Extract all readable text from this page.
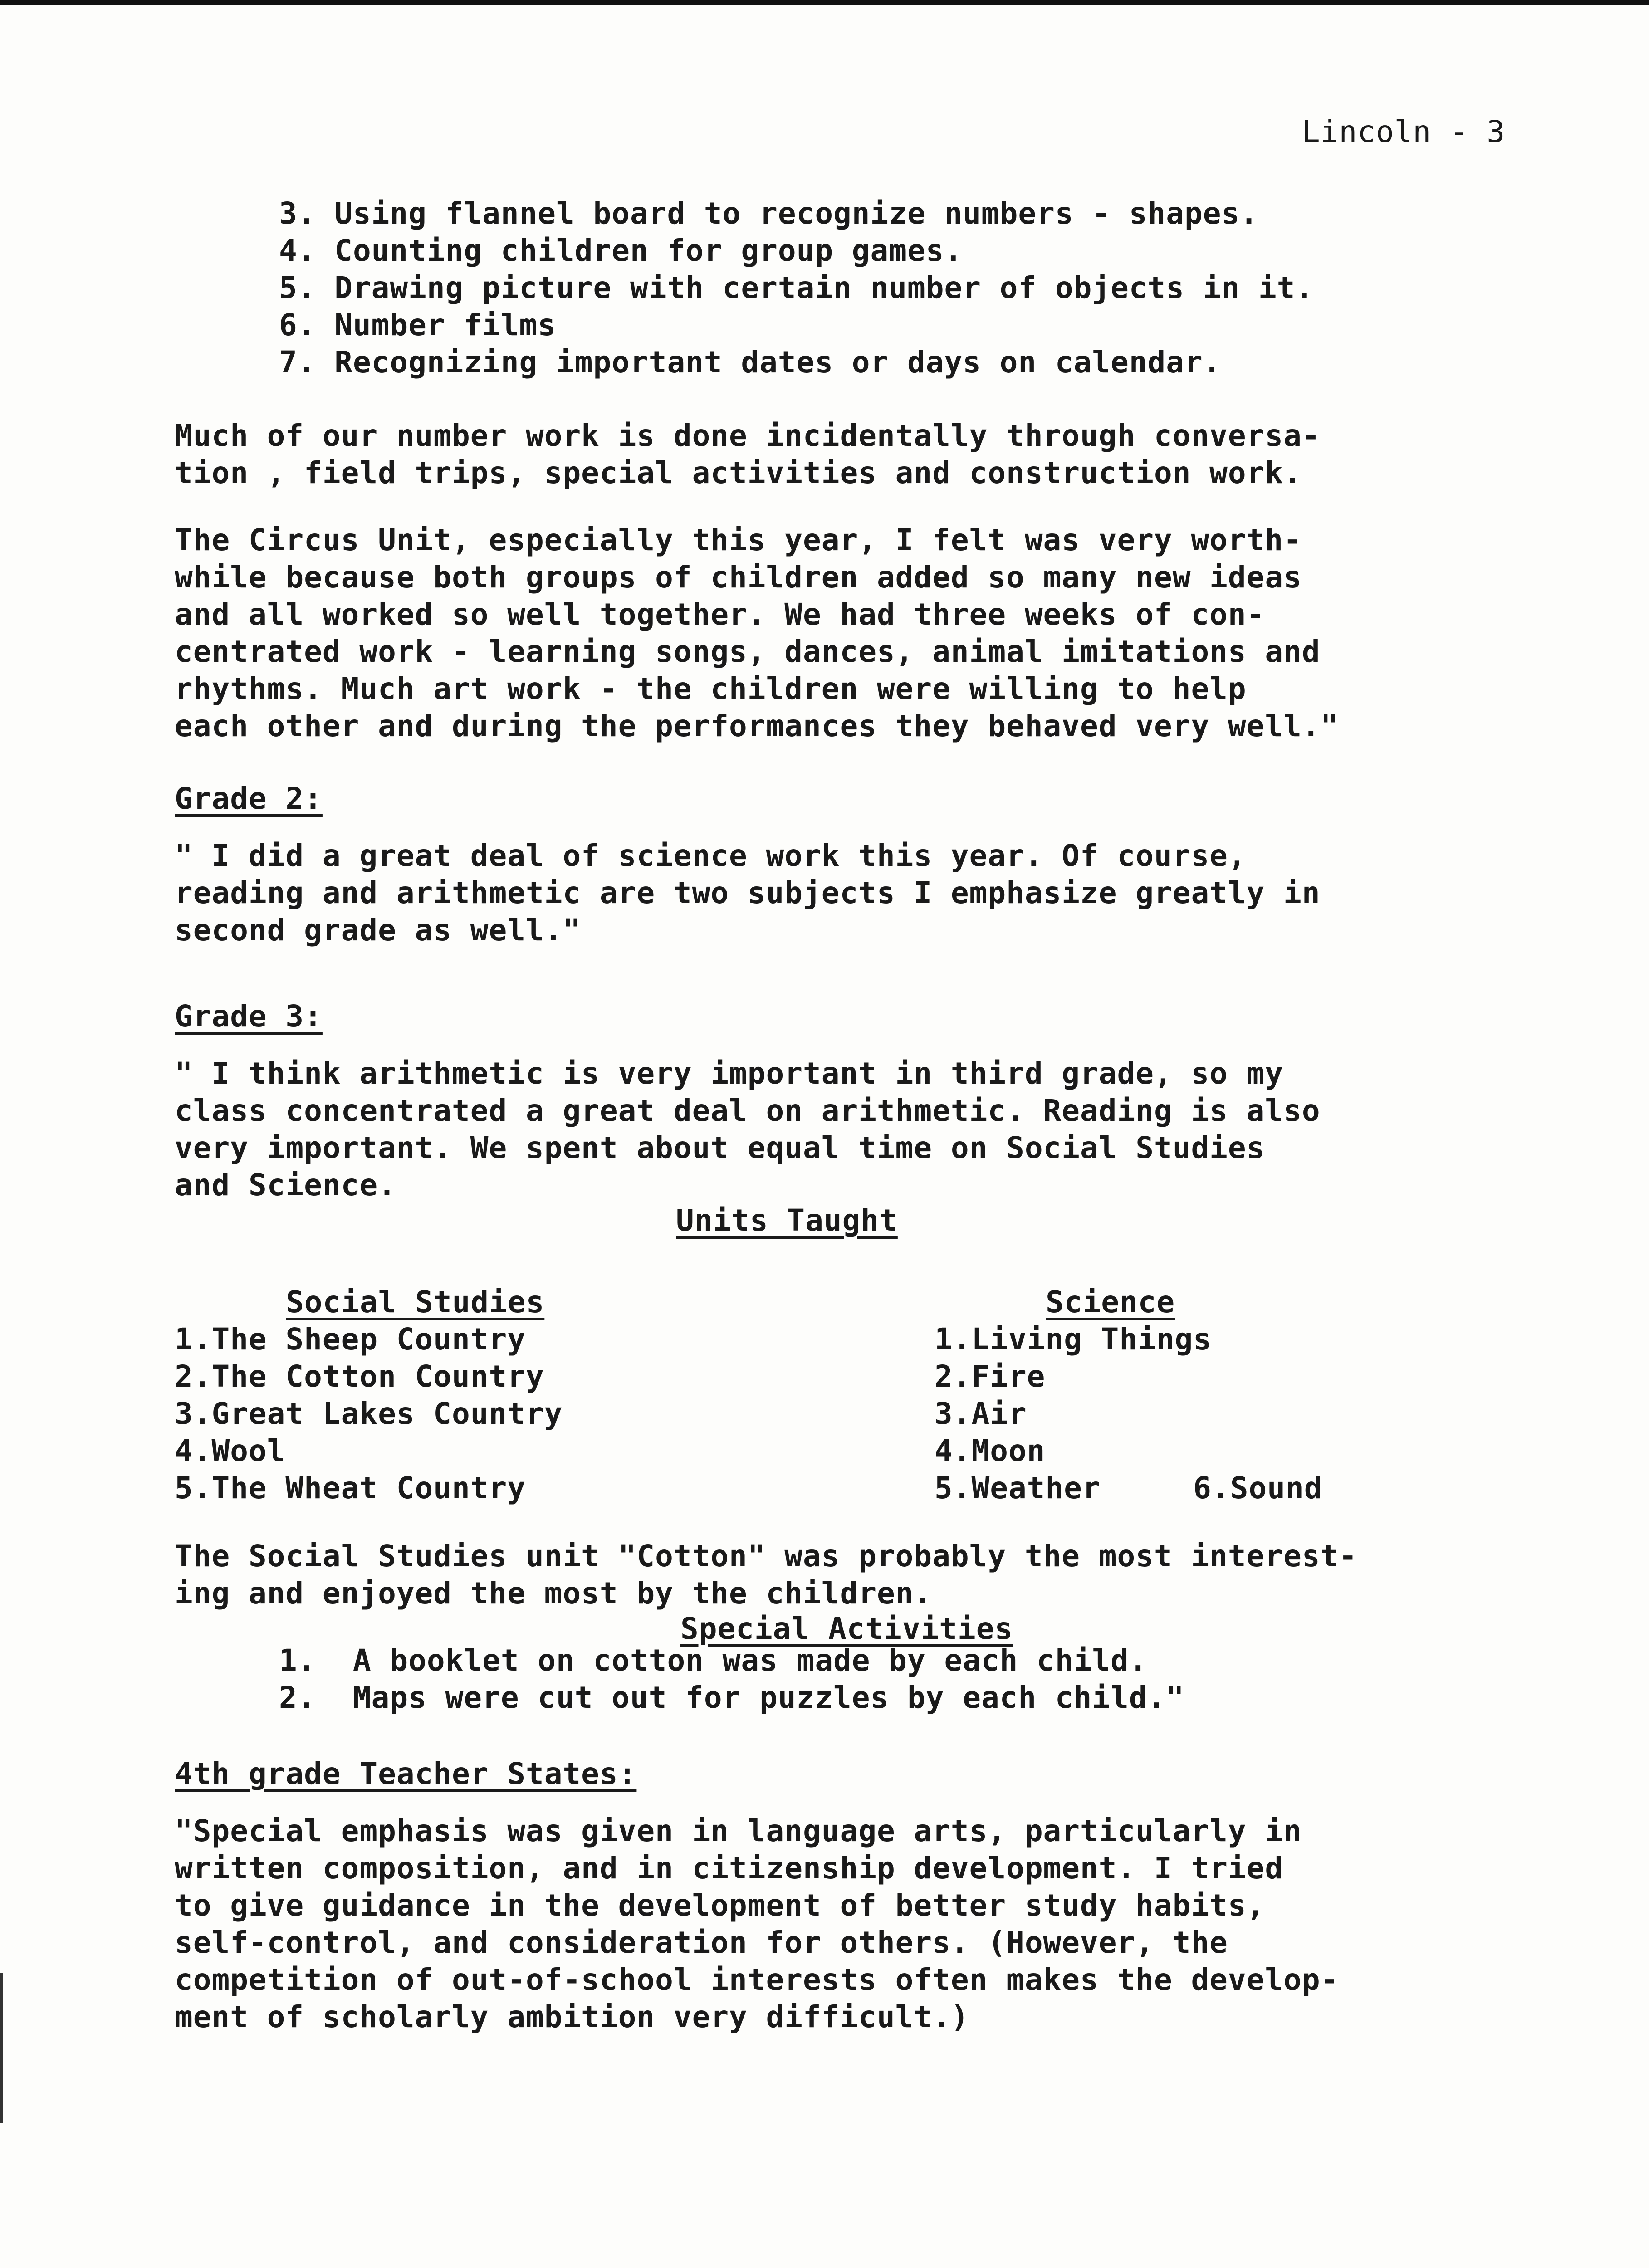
Lincoln - 3
3. Using flannel board to recognize numbers - shapes.
4. Counting children for group games.
5. Drawing picture with certain number of objects in it.
6. Number films
7. Recognizing important dates or days on calendar.
Much of our number work is done incidentally through conversa-
tion , field trips, special activities and construction work.
The Circus Unit, especially this year, I felt was very worth-
while because both groups of children added so many new ideas
and all worked so well together. We had three weeks of con-
centrated work - learning songs, dances, animal imitations and
rhythms. Much art work - the children were willing to help
each other and during the performances they behaved very well."
Grade 2:
" I did a great deal of science work this year. Of course,
reading and arithmetic are two subjects I emphasize greatly in
second grade as well."
Grade 3:
" I think arithmetic is very important in third grade, so my
class concentrated a great deal on arithmetic. Reading is also
very important. We spent about equal time on Social Studies
and Science.
Units Taught
Social Studies
1.The Sheep Country
2.The Cotton Country
3.Great Lakes Country
4.Wool
5.The Wheat Country
Science
1.Living Things
2.Fire
3.Air
4.Moon
5.Weather     6.Sound
The Social Studies unit "Cotton" was probably the most interest-
ing and enjoyed the most by the children.
Special Activities
1.  A booklet on cotton was made by each child.
2.  Maps were cut out for puzzles by each child."
4th grade Teacher States:
"Special emphasis was given in language arts, particularly in
written composition, and in citizenship development. I tried
to give guidance in the development of better study habits,
self-control, and consideration for others. (However, the
competition of out-of-school interests often makes the develop-
ment of scholarly ambition very difficult.)
